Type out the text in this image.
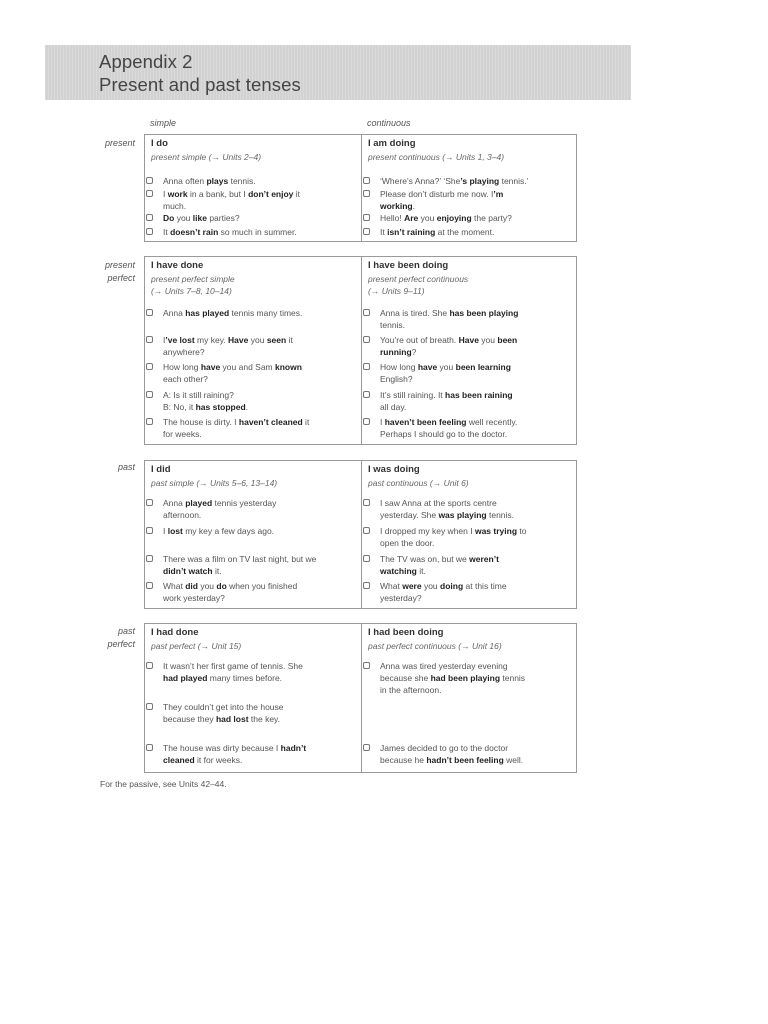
Appendix 2
Present and past tenses
simple	continuous
present I do
present simple (→ Units 2–4)
Anna often plays tennis.
I work in a bank, but I don’t enjoy it
much.
Do you like parties?
It doesn’t rain so much in summer.
I am doing
present continuous (→ Units 1, 3–4)
‘Where’s Anna?’ ‘She’s playing tennis.’
Please don’t disturb me now. I’m
working.
Hello! Are you enjoying the party?
It isn’t raining at the moment.
present
perfect
I have done
present perfect simple
(→ Units 7–8, 10–14)
Anna has played tennis many times.
I’ve lost my key. Have you seen it
anywhere?
How long have you and Sam known
each other?
A: Is it still raining?
B: No, it has stopped.
The house is dirty. I haven’t cleaned it
for weeks.
I have been doing
present perfect continuous
(→ Units 9–11)
Anna is tired. She has been playing
tennis.
You’re out of breath. Have you been
running?
How long have you been learning
English?
It’s still raining. It has been raining
all day.
I haven’t been feeling well recently.
Perhaps I should go to the doctor.
past I did
past simple (→ Units 5–6, 13–14)
Anna played tennis yesterday
afternoon.
I lost my key a few days ago.
There was a film on TV last night, but we
didn’t watch it.
What did you do when you finished
work yesterday?
I was doing
past continuous (→ Unit 6)
I saw Anna at the sports centre
yesterday. She was playing tennis.
I dropped my key when I was trying to
open the door.
The TV was on, but we weren’t
watching it.
What were you doing at this time
yesterday?
past
perfect
I had done
past perfect (→ Unit 15)
It wasn’t her first game of tennis. She
had played many times before.
They couldn’t get into the house
because they had lost the key.
The house was dirty because I hadn’t
cleaned it for weeks.
I had been doing
past perfect continuous (→ Unit 16)
Anna was tired yesterday evening
because she had been playing tennis
in the afternoon.
James decided to go to the doctor
because he hadn’t been feeling well.
For the passive, see Units 42–44.
